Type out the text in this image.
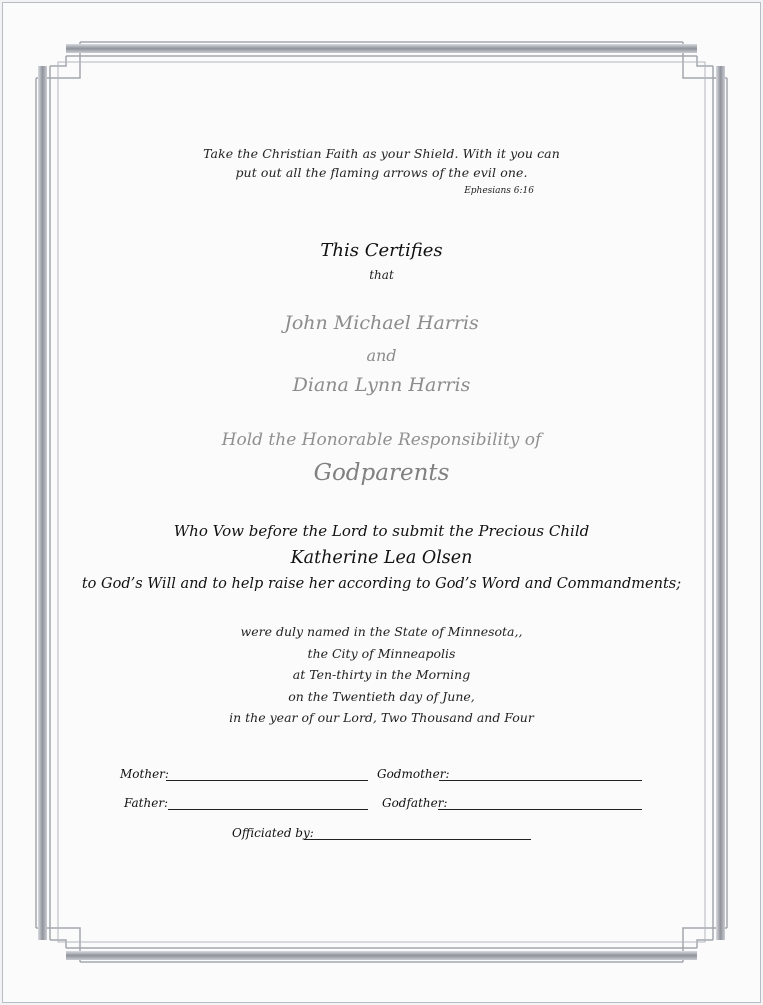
Take the Christian Faith as your Shield. With it you can
put out all the flaming arrows of the evil one.
Ephesians 6:16
This Certifies
that
John Michael Harris
and
Diana Lynn Harris
Hold the Honorable Responsibility of
Godparents
Who Vow before the Lord to submit the Precious Child
Katherine Lea Olsen
to God’s Will and to help raise her according to God’s Word and Commandments;
were duly named in the State of Minnesota,,
the City of Minneapolis
at Ten-thirty in the Morning
on the Twentieth day of June,
in the year of our Lord, Two Thousand and Four
Mother:	Godmother:
Father:	Godfather:
Officiated by:
